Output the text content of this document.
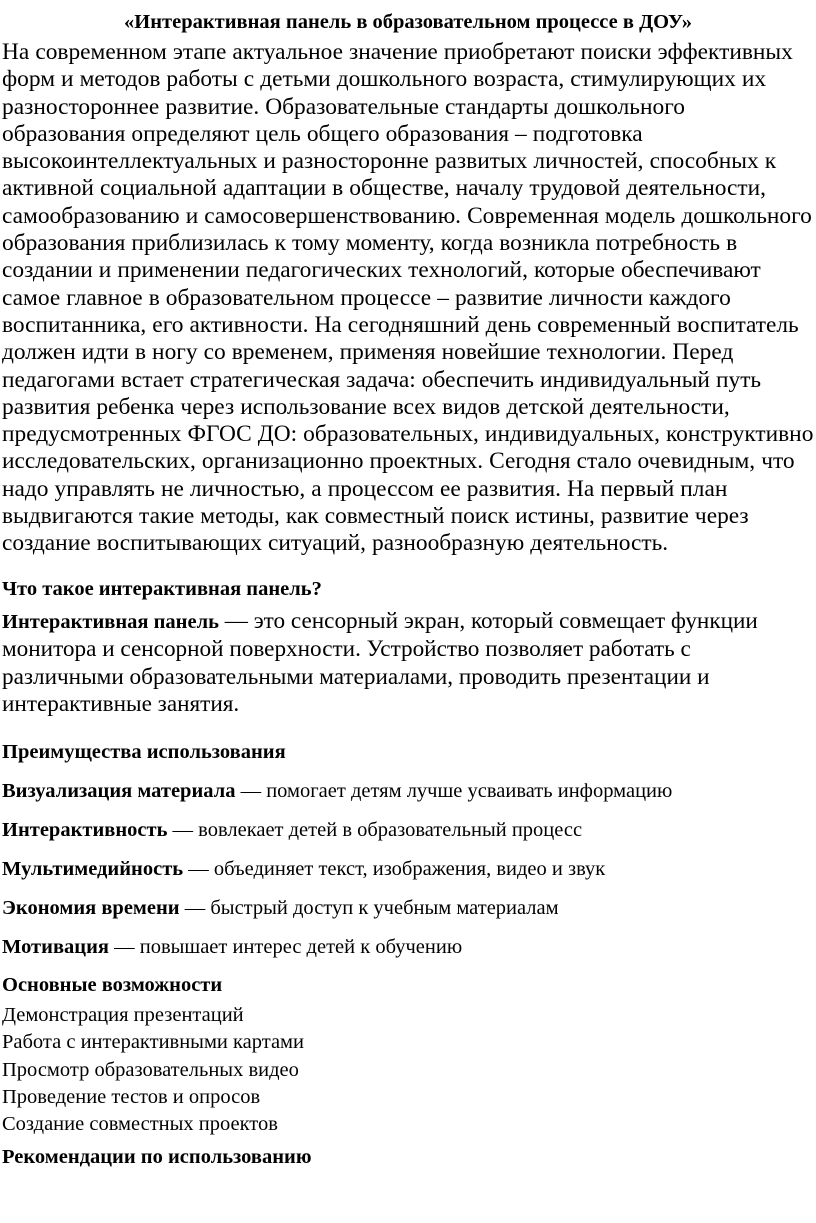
«Интерактивная панель в образовательном процессе в ДОУ»

На современном этапе актуальное значение приобретают поиски эффективных форм и методов работы с детьми дошкольного возраста, стимулирующих их разностороннее развитие. Образовательные стандарты дошкольного образования определяют цель общего образования – подготовка высокоинтеллектуальных и разносторонне развитых личностей, способных к активной социальной адаптации в обществе, началу трудовой деятельности, самообразованию и самосовершенствованию. Современная модель дошкольного образования приблизилась к тому моменту, когда возникла потребность в создании и применении педагогических технологий, которые обеспечивают самое главное в образовательном процессе – развитие личности каждого воспитанника, его активности. На сегодняшний день современный воспитатель должен идти в ногу со временем, применяя новейшие технологии. Перед педагогами встает стратегическая задача: обеспечить индивидуальный путь развития ребенка через использование всех видов детской деятельности, предусмотренных ФГОС ДО: образовательных, индивидуальных, конструктивно исследовательских, организационно проектных. Сегодня стало очевидным, что надо управлять не личностью, а процессом ее развития. На первый план выдвигаются такие методы, как совместный поиск истины, развитие через создание воспитывающих ситуаций, разнообразную деятельность.

Что такое интерактивная панель?

Интерактивная панель — это сенсорный экран, который совмещает функции монитора и сенсорной поверхности. Устройство позволяет работать с различными образовательными материалами, проводить презентации и интерактивные занятия.

Преимущества использования

Визуализация материала — помогает детям лучше усваивать информацию

Интерактивность — вовлекает детей в образовательный процесс

Мультимедийность — объединяет текст, изображения, видео и звук

Экономия времени — быстрый доступ к учебным материалам

Мотивация — повышает интерес детей к обучению

Основные возможности
Демонстрация презентаций
Работа с интерактивными картами
Просмотр образовательных видео
Проведение тестов и опросов
Создание совместных проектов
Рекомендации по использованию
